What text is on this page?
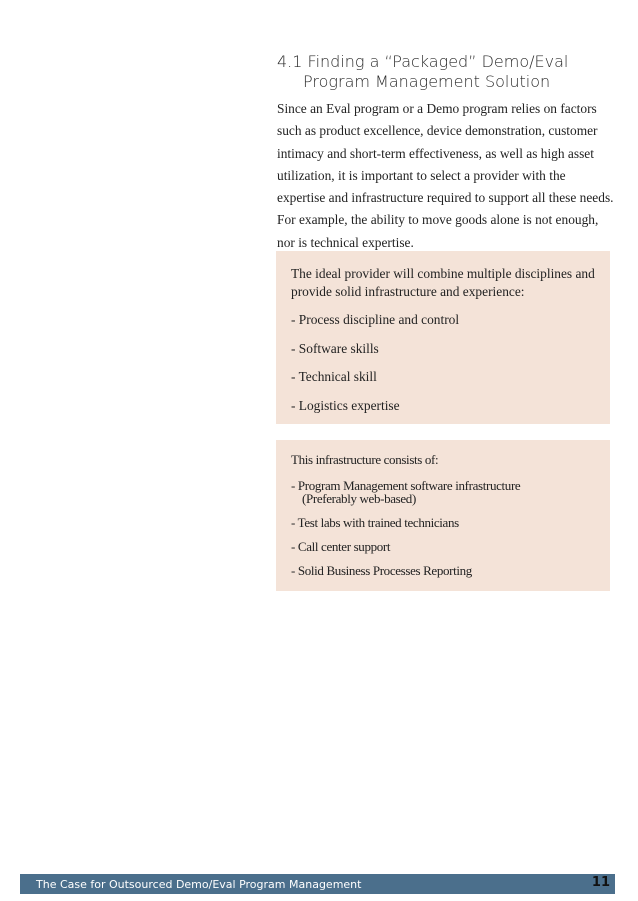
4.1 Finding a “Packaged” Demo/Eval
Program Management Solution

Since an Eval program or a Demo program relies on factors such as product excellence, device demonstration, customer intimacy and short-term effectiveness, as well as high asset utilization, it is important to select a provider with the expertise and infrastructure required to support all these needs. For example, the ability to move goods alone is not enough, nor is technical expertise.

The ideal provider will combine multiple disciplines and provide solid infrastructure and experience:

- Process discipline and control

- Software skills

- Technical skill

- Logistics expertise

This infrastructure consists of:

- Program Management software infrastructure
(Preferably web-based)

- Test labs with trained technicians

- Call center support

- Solid Business Processes Reporting

The Case for Outsourced Demo/Eval Program Management	11
